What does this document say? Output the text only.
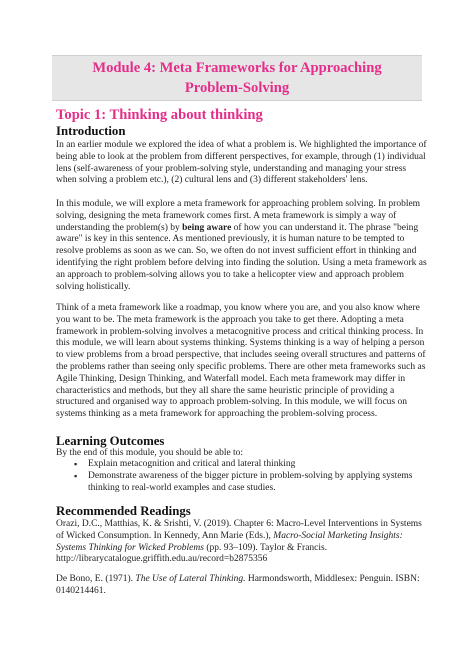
Module 4: Meta Frameworks for Approaching
Problem-Solving

Topic 1: Thinking about thinking
Introduction

In an earlier module we explored the idea of what a problem is. We highlighted the importance of being able to look at the problem from different perspectives, for example, through (1) individual lens (self-awareness of your problem-solving style, understanding and managing your stress when solving a problem etc.), (2) cultural lens and (3) different stakeholders' lens.

In this module, we will explore a meta framework for approaching problem solving. In problem solving, designing the meta framework comes first. A meta framework is simply a way of understanding the problem(s) by being aware of how you can understand it. The phrase "being aware" is key in this sentence. As mentioned previously, it is human nature to be tempted to resolve problems as soon as we can. So, we often do not invest sufficient effort in thinking and identifying the right problem before delving into finding the solution. Using a meta framework as an approach to problem-solving allows you to take a helicopter view and approach problem solving holistically.

Think of a meta framework like a roadmap, you know where you are, and you also know where you want to be. The meta framework is the approach you take to get there. Adopting a meta framework in problem-solving involves a metacognitive process and critical thinking process. In this module, we will learn about systems thinking. Systems thinking is a way of helping a person to view problems from a broad perspective, that includes seeing overall structures and patterns of the problems rather than seeing only specific problems. There are other meta frameworks such as Agile Thinking, Design Thinking, and Waterfall model. Each meta framework may differ in characteristics and methods, but they all share the same heuristic principle of providing a structured and organised way to approach problem-solving. In this module, we will focus on systems thinking as a meta framework for approaching the problem-solving process.

Learning Outcomes

By the end of this module, you should be able to:

▪ Explain metacognition and critical and lateral thinking
▪ Demonstrate awareness of the bigger picture in problem-solving by applying systems thinking to real-world examples and case studies.
Recommended Readings

Orazi, D.C., Matthias, K. & Srishti, V. (2019). Chapter 6: Macro-Level Interventions in Systems of Wicked Consumption. In Kennedy, Ann Marie (Eds.), Macro-Social Marketing Insights: Systems Thinking for Wicked Problems (pp. 93–109). Taylor & Francis. http://librarycatalogue.griffith.edu.au/record=b2875356

De Bono, E. (1971). The Use of Lateral Thinking. Harmondsworth, Middlesex: Penguin. ISBN: 0140214461.
